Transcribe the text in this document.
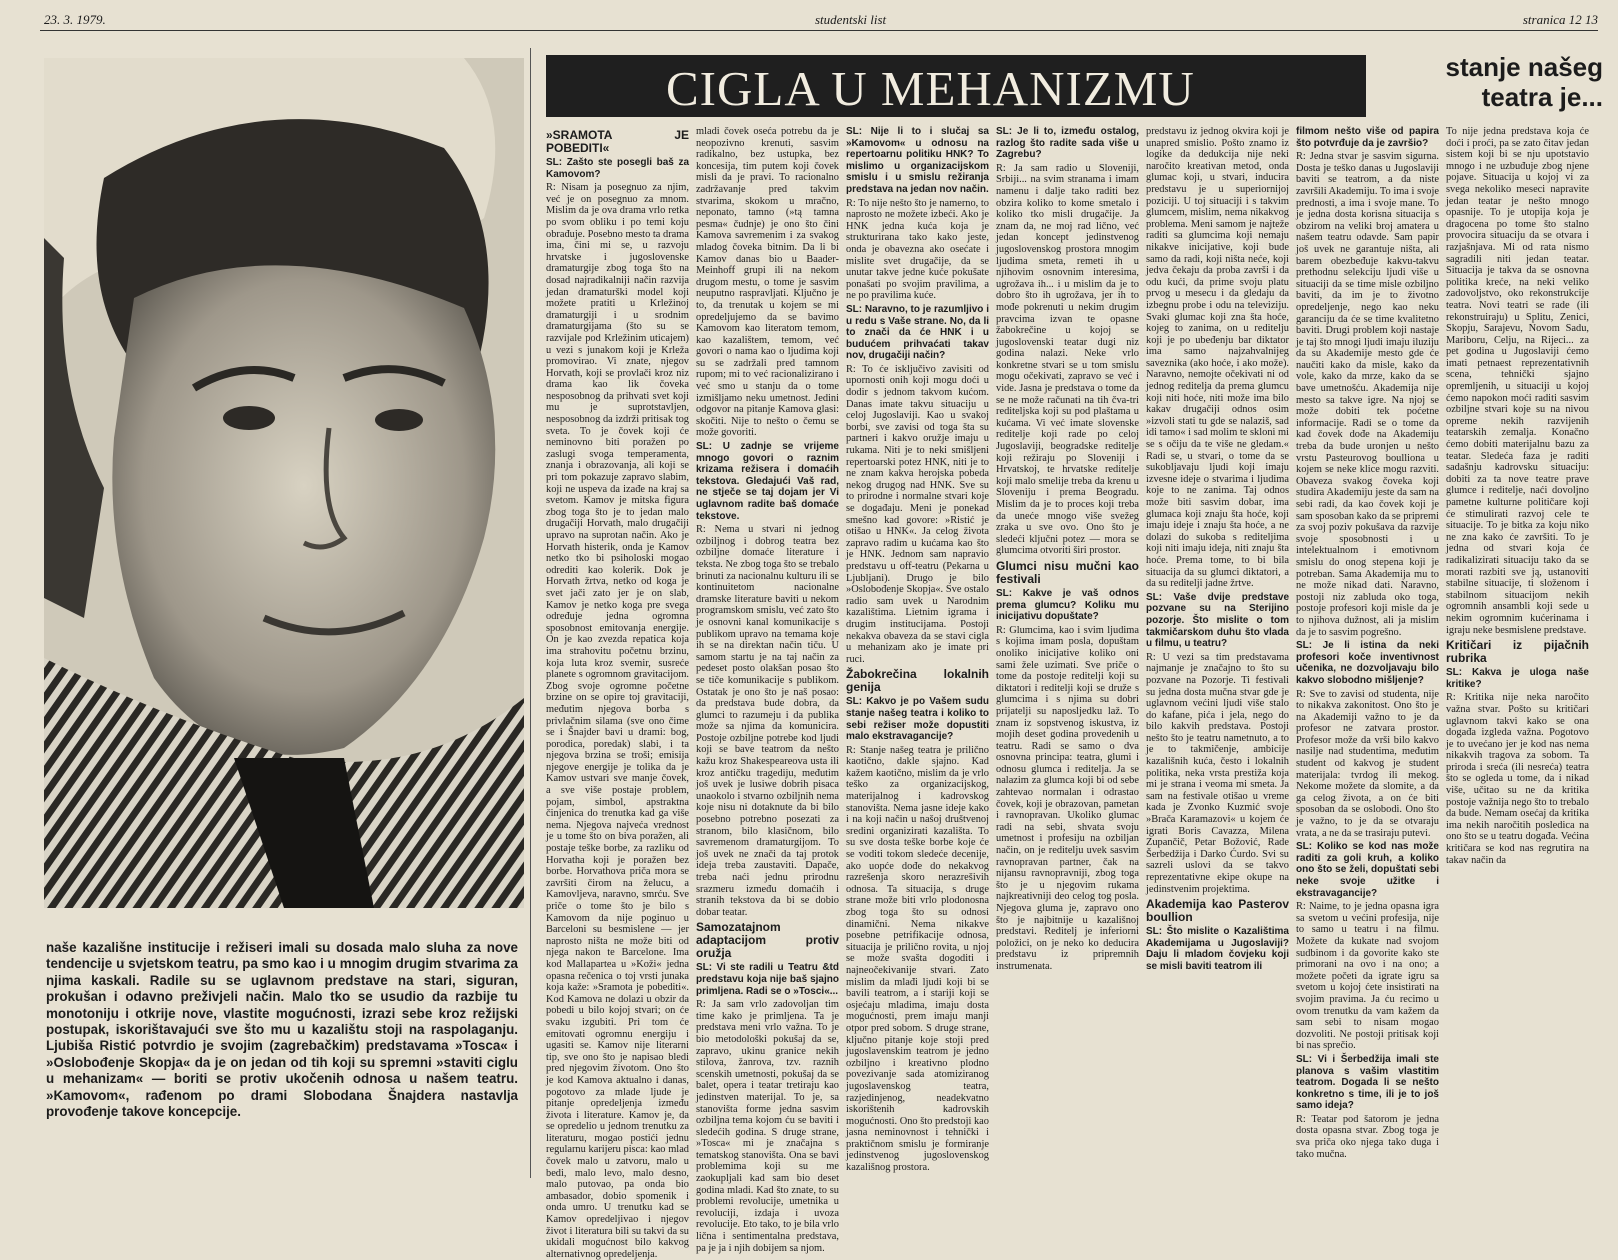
23. 3. 1979.	studentski list	stranica 12 13
naše kazališne institucije i režiseri imali su dosada malo sluha za nove tendencije u svjetskom teatru, pa smo kao i u mnogim drugim stvarima za njima kaskali. Radile su se uglavnom predstave na stari, siguran, prokušan i odavno preživjeli način. Malo tko se usudio da razbije tu monotoniju i otkrije nove, vlastite mogućnosti, izrazi sebe kroz režijski postupak, iskorištavajući sve što mu u kazalištu stoji na raspolaganju. Ljubiša Ristić potvrdio je svojim (zagrebačkim) predstavama »Tosca« i »Oslobođenje Skopja« da je on jedan od tih koji su spremni »staviti ciglu u mehanizam« — boriti se protiv ukočenih odnosa u našem teatru. »Kamovom«, rađenom po drami Slobodana Šnajdera nastavlja provođenje takove koncepcije.
CIGLA U MEHANIZMU	stanje našeg teatra je...
»SRAMOTA JE POBEDITI«

SL: Zašto ste posegli baš za Kamovom?

R: Nisam ja posegnuo za njim, već je on posegnuo za mnom. Mislim da je ova drama vrlo retka po svom obliku i po temi koju obrađuje. Posebno mesto ta drama ima, čini mi se, u razvoju hrvatske i jugoslovenske dramaturgije zbog toga što na dosad najradikalniji način razvija jedan dramaturški model koji možete pratiti u Krležinoj dramaturgiji i u srodnim dramaturgijama (što su se razvijale pod Krležinim uticajem) u vezi s junakom koji je Krleža promovirao. Vi znate, njegov Horvath, koji se provlači kroz niz drama kao lik čoveka nesposobnog da prihvati svet koji mu je suprotstavljen, nesposobnog da izdrži pritisak tog sveta. To je čovek koji će neminovno biti poražen po zaslugi svoga temperamenta, znanja i obrazovanja, ali koji se pri tom pokazuje zapravo slabim, koji ne uspeva da izađe na kraj sa svetom. Kamov je mitska figura zbog toga što je to jedan malo drugačiji Horvath, malo drugačiji upravo na suprotan način. Ako je Horvath histerik, onda je Kamov netko tko bi psiholoski mogao odrediti kao kolerik. Dok je Horvath žrtva, netko od koga je svet jači zato jer je on slab, Kamov je netko koga pre svega određuje jedna ogromna sposobnost emitovanja energije. On je kao zvezda repatica koja ima strahovitu početnu brzinu, koja luta kroz svemir, susreće planete s ogromnom gravitacijom. Zbog svoje ogromne početne brzine on se opire toj gravitaciji, međutim njegova borba s privlačnim silama (sve ono čime se i Šnajder bavi u drami: bog, porodica, poredak) slabi, i ta njegova brzina se troši; emisija njegove energije je tolika da je Kamov ustvari sve manje čovek, a sve više postaje problem, pojam, simbol, apstraktna činjenica do trenutka kad ga više nema. Njegova najveća vrednost je u tome što on biva poražen, ali postaje teške borbe, za razliku od Horvatha koji je poražen bez borbe. Horvathova priča mora se završiti čirom na želucu, a Kamovljeva, naravno, smrću. Sve priče o tome što je bilo s Kamovom da nije poginuo u Barceloni su besmislene — jer naprosto ništa ne može biti od njega nakon te Barcelone. Ima kod Mallapartea u »Koži« jedna opasna rečenica o toj vrsti junaka koja kaže: »Sramota je pobediti«. Kod Kamova ne dolazi u obzir da pobedi u bilo kojoj stvari; on će svaku izgubiti. Pri tom će emitovati ogromnu energiju i ugasiti se. Kamov nije literarni tip, sve ono što je napisao bledi pred njegovim životom. Ono što je kod Kamova aktualno i danas, pogotovo za mlade ljude je pitanje opredeljenja između života i literature. Kamov je, da se opredelio u jednom trenutku za literaturu, mogao postići jednu regularnu karijeru pisca: kao mlad čovek malo u zatvoru, malo u bedi, malo levo, malo desno, malo putovao, pa onda bio ambasador, dobio spomenik i onda umro. U trenutku kad se Kamov opredeljivao i njegov život i literatura bili su takvi da su ukidali mogućnost bilo kakvog alternativnog opredeljenja.

mladi čovek oseća potrebu da je neopozivno krenuti, sasvim radikalno, bez ustupka, bez koncesija, tim putem koji čovek misli da je pravi. To racionalno zadržavanje pred takvim stvarima, skokom u mračno, neponato, tamno (»tą tamna pesma« čudnje) je ono što čini Kamova savremenim i za svakog mladog čoveka bitnim. Da li bi Kamov danas bio u Baader-Meinhoff grupi ili na nekom drugom mestu, o tome je sasvim neuputno raspravljati. Ključno je to, da trenutak u kojem se mi opredeljujemo da se bavimo Kamovom kao literatom temom, kao kazalištem, temom, već govori o nama kao o ljudima koji su se zadržali pred tamnom rupom; mi to već racionalizirano i već smo u stanju da o tome izmišljamo neku umetnost. Jedini odgovor na pitanje Kamova glasi: skočiti. Nije to nešto o čemu se može govoriti.

SL: U zadnje se vrijeme mnogo govori o raznim krizama režisera i domaćih tekstova. Gledajući Vaš rad, ne stječe se taj dojam jer Vi uglavnom radite baš domaće tekstove.

R: Nema u stvari ni jednog ozbiljnog i dobrog teatra bez ozbiljne domaće literature i teksta. Ne zbog toga što se trebalo brinuti za nacionalnu kulturu ili se kontinuitetom nacionalne dramske literature baviti u nekom programskom smislu, već zato što je osnovni kanal komunikacije s publikom upravo na temama koje ih se na direktan način tiču. U samom startu je na taj način za pedeset posto olakšan posao što se tiče komunikacije s publikom. Ostatak je ono što je naš posao: da predstava bude dobra, da glumci to razumeju i da publika može sa njima da komunicira. Postoje ozbiljne potrebe kod ljudi koji se bave teatrom da nešto kažu kroz Shakespeareova usta ili kroz antičku tragediju, međutim još uvek je lusiwe dobrih pisaca unaokolo i stvarno ozbiljnih nema koje nisu ni dotaknute da bi bilo posebno potrebno posezati za stranom, bilo klasičnom, bilo savremenom dramaturgijom. To još uvek ne znači da taj protok ideja treba zaustaviti. Dapače, treba naći jednu prirodnu srazmeru između domaćih i stranih tekstova da bi se dobio dobar teatar.

Samozatajnom adaptacijom protiv oružja

SL: Vi ste radili u Teatru &td predstavu koja nije baš sjajno primljena. Radi se o »Tosci«...

R: Ja sam vrlo zadovoljan tim time kako je primljena. Ta je predstava meni vrlo važna. To je bio metodološki pokušaj da se, zapravo, ukinu granice nekih stilova, žanrova, tzv. raznih scenskih umetnosti, pokušaj da se balet, opera i teatar tretiraju kao jedinstven materijal. To je, sa stanovišta forme jedna sasvim ozbiljna tema kojom ću se baviti i sledećih godina. S druge strane, »Tosca« mi je značajna s tematskog stanovišta. Ona se bavi problemima koji su me zaokupljali kad sam bio deset godina mladi. Kad što znate, to su problemi revolucije, umetnika u revoluciji, izdaja i uvoza revolucije. Eto tako, to je bila vrlo lična i sentimentalna predstava, pa je ja i njih dobijem sa njom.

SL: Nije li to i slučaj sa »Kamovom« u odnosu na repertoarnu politiku HNK? To mislimo u organizacijskom smislu i u smislu režiranja predstava na jedan nov način.

R: To nije nešto što je namerno, to naprosto ne možete izbeći. Ako je HNK jedna kuća koja je strukturirana tako kako jeste, onda je obavezna ako osećate i mislite svet drugačije, da se unutar takve jedne kuće pokušate ponašati po svojim pravilima, a ne po pravilima kuće.

SL: Naravno, to je razumljivo i u redu s Vaše strane. No, da li to znači da će HNK i u budućem prihvaćati takav nov, drugačiji način?

R: To će isključivo zavisiti od upornosti onih koji mogu doći u dodir s jednom takvom kućom. Danas imate takvu situaciju u celoj Jugoslaviji. Kao u svakoj borbi, sve zavisi od toga šta su partneri i kakvo oružje imaju u rukama. Niti je to neki smišljeni repertoarski potez HNK, niti je to ne znam kakva herojska pobeda nekog drugog nad HNK. Sve su to prirodne i normalne stvari koje se događaju. Meni je ponekad smešno kad govore: »Ristić je otišao u HNK«. Ja celog života zapravo radim u kućama kao što je HNK. Jednom sam napravio predstavu u off-teatru (Pekarna u Ljubljani). Drugo je bilo »Oslobođenje Skopja«. Sve ostalo radio sam uvek u Narodnim kazalištima. Lietnim igrama i drugim institucijama. Postoji nekakva obaveza da se stavi cigla u mehanizam ako je imate pri ruci.

Žabokrečina lokalnih genija

SL: Kakvo je po Vašem sudu stanje našeg teatra i koliko to sebi režiser može dopustiti malo ekstravagancije?

R: Stanje našeg teatra je prilično kaotično, dakle sjajno. Kad kažem kaotično, mislim da je vrlo teško za organizacijskog, materijalnog i kadrovskog stanovišta. Nema jasne ideje kako i na koji način u našoj društvenoj sredini organizirati kazališta. To su sve dosta teške borbe koje će se voditi tokom sledeće decenije, ako uopće dođe do nekakvog razrešenja skoro nerazrešivih odnosa. Ta situacija, s druge strane može biti vrlo plodonosna zbog toga što su odnosi dinamični. Nema nikakve posebne petrifikacije odnosa, situacija je prilično rovita, u njoj se može svašta dogoditi i najneočekivanije stvari. Zato mislim da mlađi ljudi koji bi se bavili teatrom, a i stariji koji se osjećaju mladima, imaju dosta mogućnosti, prem imaju manji otpor pred sobom. S druge strane, ključno pitanje koje stoji pred jugoslavenskim teatrom je jedno ozbiljno i kreativno plodno povezivanje sada atomiziranog jugoslavenskog teatra, razjedinjenog, neadekvatno iskorištenih kadrovskih mogućnosti. Ono što predstoji kao jasna neminovnost i tehnički i praktičnom smislu je formiranje jedinstvenog jugoslovenskog kazališnog prostora.

SL: Je li to, između ostalog, razlog što radite sada više u Zagrebu?

R: Ja sam radio u Sloveniji, Srbiji... na svim stranama i imam namenu i dalje tako raditi bez obzira koliko to kome smetalo i koliko tko misli drugačije. Ja znam da, ne moj rad lično, već jedan koncept jedinstvenog jugoslovenskog prostora mnogim ljudima smeta, remeti ih u njihovim osnovnim interesima, ugrožava ih... i u mislim da je to dobro što ih ugrožava, jer ih to mođe pokrenuti u nekim drugim pravcima izvan te opasne žabokrečine u kojoj se jugoslovenski teatar dugi niz godina nalazi. Neke vrlo konkretne stvari se u tom smislu mogu očekivati, zapravo se već i vide. Jasna je predstava o tome da se ne može računati na tih čva-tri rediteljska koji su pod plaštama u kućama. Vi već imate slovenske reditelje koji rade po celoj Jugoslaviji, beogradske reditelje koji režiraju po Sloveniji i Hrvatskoj, te hrvatske reditelje koji malo smelije treba da krenu u Sloveniju i prema Beogradu. Mislim da je to proces koji treba da uneće mnogo više svežeg zraka u sve ovo. Ono što je sledeći ključni potez — mora se glumcima otvoriti širi prostor.

Glumci nisu mučni kao festivali

SL: Kakve je vaš odnos prema glumcu? Koliku mu inicijativu dopuštate?

R: Glumcima, kao i svim ljudima s kojima imam posla, dopuštam onoliko inicijative koliko oni sami žele uzimati. Sve priče o tome da postoje reditelji koji su diktatori i reditelji koji se druže s glumcima i s njima su dobri prijatelji su naposljedku laž. To znam iz sopstvenog iskustva, iz mojih deset godina provedenih u teatru. Radi se samo o dva osnovna principa: teatra, glumi i odnosu glumca i reditelja. Ja se nalazim za glumca koji bi od sebe zahtevao normalan i odrastao čovek, koji je obrazovan, pametan i ravnopravan. Ukoliko glumac radi na sebi, shvata svoju umetnost i profesiju na ozbiljan način, on je reditelju uvek sasvim ravnopravan partner, čak na nijansu ravnopravniji, zbog toga što je u njegovim rukama najkreativniji deo celog tog posla. Njegova gluma je, zapravo ono što je najbitnije u kazališnoj predstavi. Reditelj je inferiorni položici, on je neko ko deducira predstavu iz pripremnih instrumenata.

predstavu iz jednog okvira koji je unapred smislio. Pošto znamo iz logike da dedukcija nije neki naročito kreativan metod, onda glumac koji, u stvari, inducira predstavu je u superiornijoj poziciji. U toj situaciji i s takvim glumcem, mislim, nema nikakvog problema. Meni samom je najteže raditi sa glumcima koji nemaju nikakve inicijative, koji bude samo da radi, koji ništa neće, koji jedva čekaju da proba završi i da odu kući, da prime svoju platu prvog u mesecu i da gledaju da izbegnu probe i odu na televiziju. Svaki glumac koji zna šta hoće, kojeg to zanima, on u reditelju koji je po ubeđenju bar diktator ima samo najzahvalnijeg saveznika (ako hoće, i ako može). Naravno, nemojte očekivati ni od jednog reditelja da prema glumcu koji niti hoće, niti može ima bilo kakav drugačiji odnos osim »izvoli stati tu gde se nalaziš, sad idi tamo« i sad molim te skloni mi se s očiju da te više ne gledam.« Radi se, u stvari, o tome da se sukobljavaju ljudi koji imaju izvesne ideje o stvarima i ljudima koje to ne zanima. Taj odnos može biti sasvim dobar, ima glumaca koji znaju šta hoće, koji imaju ideje i znaju šta hoće, a ne dolazi do sukoba s rediteljima koji niti imaju ideja, niti znaju šta hoće. Prema tome, to bi bila situacija da su glumci diktatori, a da su reditelji jadne žrtve.

SL: Vaše dvije predstave pozvane su na Sterijino pozorje. Što mislite o tom takmičarskom duhu što vlada u filmu, u teatru?

R: U vezi sa tim predstavama najmanje je značajno to što su pozvane na Pozorje. Ti festivali su jedna dosta mučna stvar gde je uglavnom većini ljudi više stalo do kafane, pića i jela, nego do bilo kakvih predstava. Postoji nešto što je teatru nametnuto, a to je to takmičenje, ambicije kazališnih kuća, često i lokalnih politika, neka vrsta prestiža koja mi je strana i veoma mi smeta. Ja sam na festivale otišao u vreme kada je Zvonko Kuzmić svoje »Brača Karamazovi« u kojem će igrati Boris Cavazza, Milena Zupančič, Petar Božović, Rade Šerbedžija i Darko Ćurdo. Svi su sazreli uslovi da se takvo reprezentativne ekipe okupe na jedinstvenim projektima.

Akademija kao Pasterov boullion

SL: Što mislite o Kazalištima Akademijama u Jugoslaviji? Daju li mladom čovjeku koji se misli baviti teatrom ili

filmom nešto više od papira što potvrđuje da je završio?

R: Jedna stvar je sasvim sigurna. Dosta je teško danas u Jugoslaviji baviti se teatrom, a da niste završili Akademiju. To ima i svoje prednosti, a ima i svoje mane. To je jedna dosta korisna situacija s obzirom na veliki broj amatera u našem teatru odavde. Sam papir još uvek ne garantuje ništa, ali barem obezbeđuje kakvu-takvu prethodnu selekciju ljudi više u situaciji da se time misle ozbiljno baviti, da im je to životno opredeljenje, nego kao neku garanciju da će se time kvalitetno baviti. Drugi problem koji nastaje je taj što mnogi ljudi imaju iluziju da su Akademije mesto gde će naučiti kako da misle, kako da vole, kako da mrze, kako da se bave umetnošću. Akademija nije mesto sa takve igre. Na njoj se može dobiti tek poćetne informacije. Radi se o tome da kad čovek dođe na Akademiju treba da bude uronjen u nešto vrstu Pasteurovog boullionа u kojem se neke klice mogu razviti. Obaveza svakog čoveka koji studira Akademiju jeste da sam na sebi radi, da kao čovek koji je sam sposoban kako da se pripremi za svoj poziv pokušava da razvije svoje sposobnosti i u intelektualnom i emotivnom smislu do onog stepena koji je potreban. Sama Akademija mu to ne može nikad dati. Naravno, postoji niz zabluda oko toga, postoje profesori koji misle da je to njihova dužnost, ali ja mislim da je to sasvim pogrešno.

SL: Je li istina da neki profesori koče inventivnost učenika, ne dozvoljavaju bilo kakvo slobodno mišljenje?

R: Sve to zavisi od studenta, nije to nikakva zakonitost. Ono što je na Akademiji važno to je da profesor ne zatvara prostor. Profesor može da vrši bilo kakvo nasilje nad studentima, međutim student od kakvog je student materijala: tvrdog ili mekog. Nekome možete da slomite, a da ga celog života, a on će biti sposoban da se oslobodi. Ono što je važno, to je da se otvaraju vrata, a ne da se trasiraju putevi.

SL: Koliko se kod nas može raditi za goli kruh, a koliko ono što se želi, dopuštati sebi neke svoje užitke i ekstravagancije?

R: Naime, to je jedna opasna igra sa svetom u većini profesija, nije to samo u teatru i na filmu. Možete da kukate nad svojom sudbinom i da govorite kako ste primorani na ovo i na ono; a možete početi da igrate igru sa svetom u kojoj ćete insistirati na svojim pravima. Ja ću recimo u ovom trenutku da vam kažem da sam sebi to nisam mogao dozvoliti. Ne postoji pritisak koji bi nas sprečio.

SL: Vi i Šerbedžija imali ste planova s vašim vlastitim teatrom. Dogada li se nešto konkretno s time, ili je to još samo ideja?

R: Teatar pod šatorom je jedna dosta opasna stvar. Zbog toga je sva priča oko njega tako duga i tako mučna.

To nije jedna predstava koja će doći i proći, pa se zato čitav jedan sistem koji bi se nju upotstavio mnogo i ne uzbuđuje zbog njene pojave. Situacija u kojoj vi za svega nekoliko meseci napravite jedan teatar je nešto mnogo opasnije. To je utopija koja je dragocena po tome što stalno provocira situaciju da se otvara i razjašnjava. Mi od rata nismo sagradili niti jedan teatar. Situacija je takva da se osnovna politika kreće, na neki veliko zadovoljstvo, oko rekonstrukcije teatra. Novi teatri se rade (ili rekonstruiraju) u Splitu, Zenici, Skopju, Sarajevu, Novom Sadu, Mariboru, Celju, na Rijeci... za pet godina u Jugoslaviji ćemo imati petnaest reprezentativnih scena, tehnički sjajno opremljenih, u situaciji u kojoj ćemo napokon moći raditi sasvim ozbiljne stvari koje su na nivou opreme nekih razvijenih teatarskih zemalja. Konačno ćemo dobiti materijalnu bazu za teatar. Sledeća faza je raditi sadašnju kadrovsku situaciju: dobiti za ta nove teatre prave glumce i reditelje, naći dovoljno pametne kulturne političare koji će stimulirati razvoj cele te situacije. To je bitka za koju niko ne zna kako će završiti. To je jedna od stvari koja će radikalizirati situaciju tako da se morati razbiti sve ją, ustanoviti stabilne situacije, ti složenom i stabilnom situacijom nekih ogromnih ansambli koji sede u nekim ogromnim kućerinama i igraju neke besmislene predstave.

Kritičari iz pijačnih rubrika

SL: Kakva je uloga naše kritike?

R: Kritika nije neka naročito važna stvar. Pošto su kritičari uglavnom takvi kako se ona događa izgleda važna. Pogotovo je to uvećano jer je kod nas nema nikakvih tragova za sobom. Ta priroda i sreća (ili nesreća) teatra što se ogleda u tome, da i nikad više, učitao su ne da kritika postoje važnija nego što to trebalo da bude. Nemam osećaj da kritika ima nekih naročitih posledica na ono što se u teatru događa. Većina kritičara se kod nas regrutira na takav način da
